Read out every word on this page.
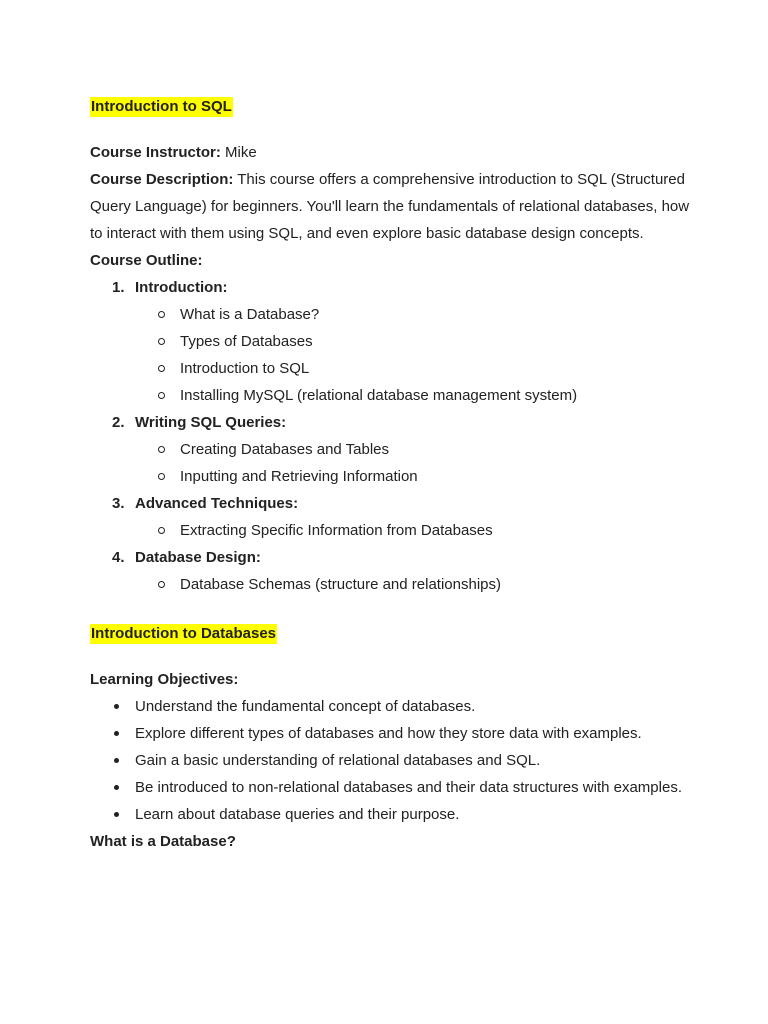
Introduction to SQL

Course Instructor: Mike

Course Description: This course offers a comprehensive introduction to SQL (Structured Query Language) for beginners. You'll learn the fundamentals of relational databases, how to interact with them using SQL, and even explore basic database design concepts.

Course Outline:

1. Introduction:
What is a Database?
Types of Databases
Introduction to SQL
Installing MySQL (relational database management system)
2. Writing SQL Queries:
Creating Databases and Tables
Inputting and Retrieving Information
3. Advanced Techniques:
Extracting Specific Information from Databases
4. Database Design:
Database Schemas (structure and relationships)
Introduction to Databases

Learning Objectives:

Understand the fundamental concept of databases.
Explore different types of databases and how they store data with examples.
Gain a basic understanding of relational databases and SQL.
Be introduced to non-relational databases and their data structures with examples.
Learn about database queries and their purpose.

What is a Database?
